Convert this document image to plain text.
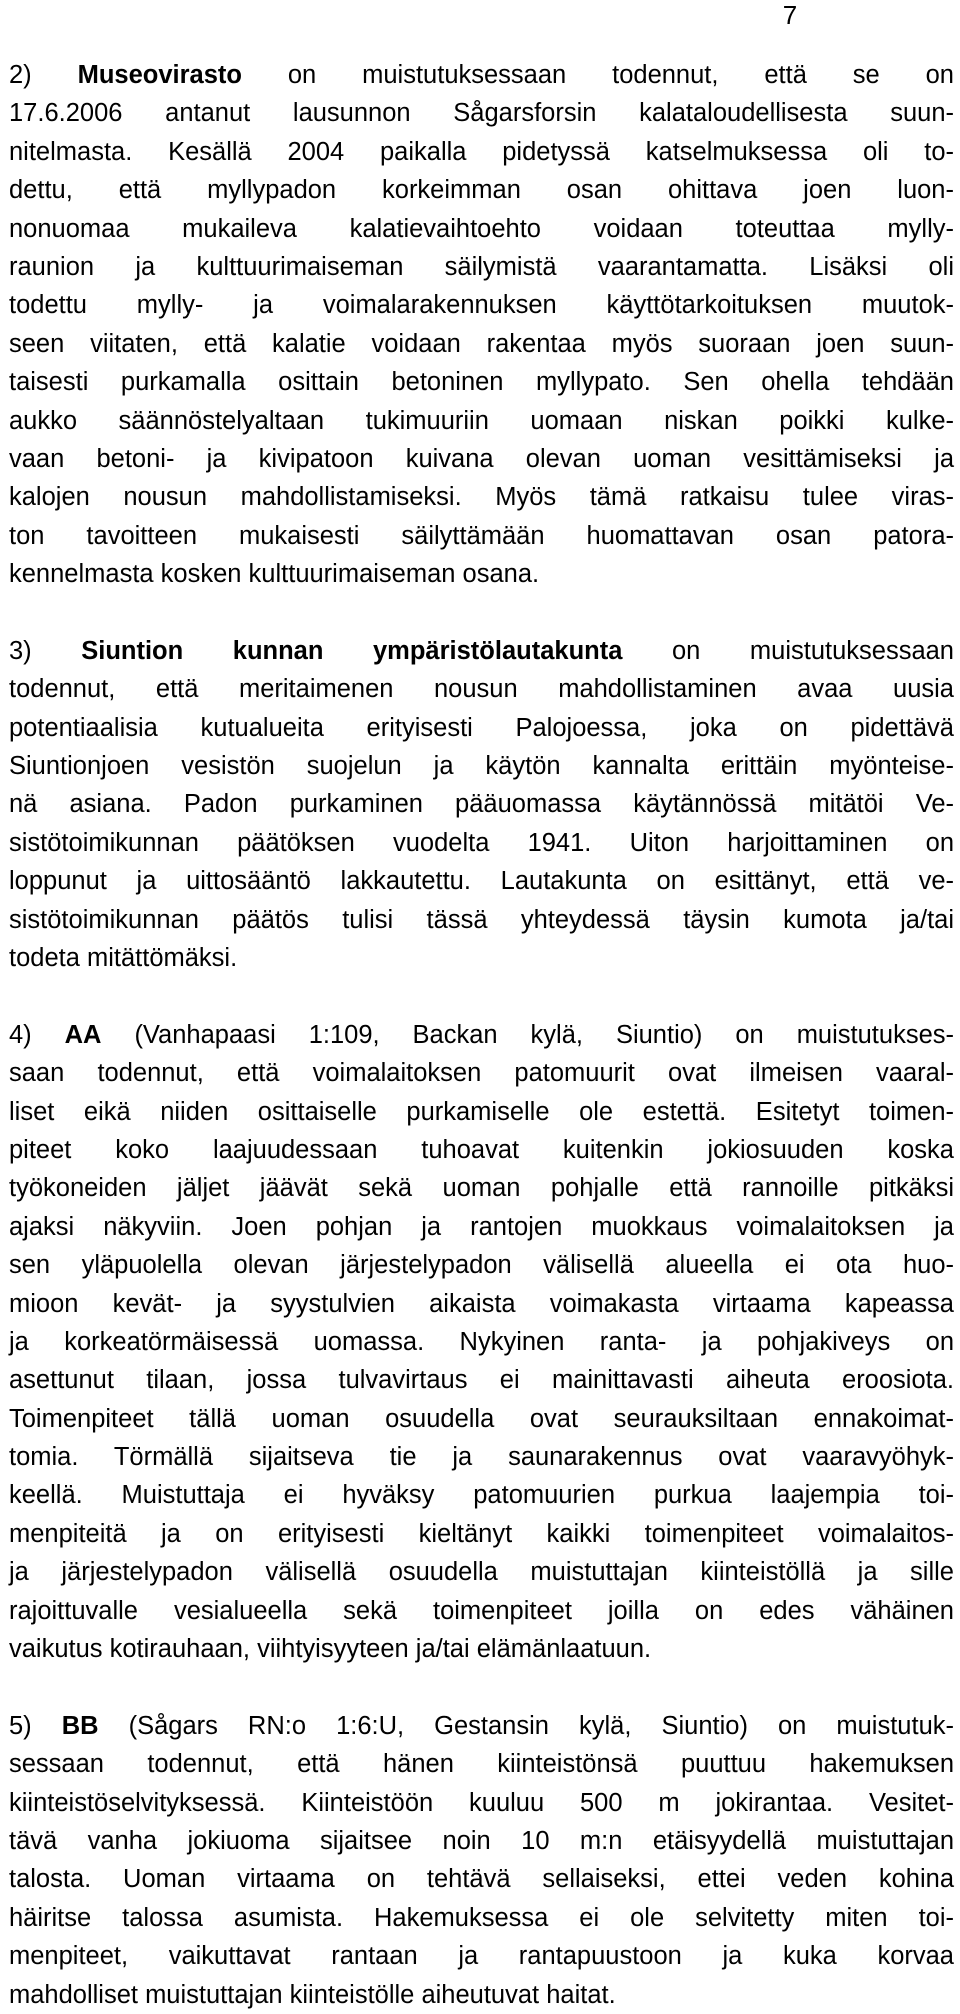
7
2) Museovirasto on muistutuksessaan todennut, että se on
17.6.2006 antanut lausunnon Sågarsforsin kalataloudellisesta suun-
nitelmasta. Kesällä 2004 paikalla pidetyssä katselmuksessa oli to-
dettu, että myllypadon korkeimman osan ohittava joen luon-
nonuomaa mukaileva kalatievaihtoehto voidaan toteuttaa mylly-
raunion ja kulttuurimaiseman säilymistä vaarantamatta. Lisäksi oli
todettu mylly- ja voimalarakennuksen käyttötarkoituksen muutok-
seen viitaten, että kalatie voidaan rakentaa myös suoraan joen suun-
taisesti purkamalla osittain betoninen myllypato. Sen ohella tehdään
aukko säännöstelyaltaan tukimuuriin uomaan niskan poikki kulke-
vaan betoni- ja kivipatoon kuivana olevan uoman vesittämiseksi ja
kalojen nousun mahdollistamiseksi. Myös tämä ratkaisu tulee viras-
ton tavoitteen mukaisesti säilyttämään huomattavan osan patora-
kennelmasta kosken kulttuurimaiseman osana.
3) Siuntion kunnan ympäristölautakunta on muistutuksessaan
todennut, että meritaimenen nousun mahdollistaminen avaa uusia
potentiaalisia kutualueita erityisesti Palojoessa, joka on pidettävä
Siuntionjoen vesistön suojelun ja käytön kannalta erittäin myönteise-
nä asiana. Padon purkaminen pääuomassa käytännössä mitätöi Ve-
sistötoimikunnan päätöksen vuodelta 1941. Uiton harjoittaminen on
loppunut ja uittosääntö lakkautettu. Lautakunta on esittänyt, että ve-
sistötoimikunnan päätös tulisi tässä yhteydessä täysin kumota ja/tai
todeta mitättömäksi.
4) AA (Vanhapaasi 1:109, Backan kylä, Siuntio) on muistutukses-
saan todennut, että voimalaitoksen patomuurit ovat ilmeisen vaaral-
liset eikä niiden osittaiselle purkamiselle ole estettä. Esitetyt toimen-
piteet koko laajuudessaan tuhoavat kuitenkin jokiosuuden koska
työkoneiden jäljet jäävät sekä uoman pohjalle että rannoille pitkäksi
ajaksi näkyviin. Joen pohjan ja rantojen muokkaus voimalaitoksen ja
sen yläpuolella olevan järjestelypadon välisellä alueella ei ota huo-
mioon kevät- ja syystulvien aikaista voimakasta virtaama kapeassa
ja korkeatörmäisessä uomassa. Nykyinen ranta- ja pohjakiveys on
asettunut tilaan, jossa tulvavirtaus ei mainittavasti aiheuta eroosiota.
Toimenpiteet tällä uoman osuudella ovat seurauksiltaan ennakoimat-
tomia. Törmällä sijaitseva tie ja saunarakennus ovat vaaravyöhyk-
keellä. Muistuttaja ei hyväksy patomuurien purkua laajempia toi-
menpiteitä ja on erityisesti kieltänyt kaikki toimenpiteet voimalaitos-
ja järjestelypadon välisellä osuudella muistuttajan kiinteistöllä ja sille
rajoittuvalle vesialueella sekä toimenpiteet joilla on edes vähäinen
vaikutus kotirauhaan, viihtyisyyteen ja/tai elämänlaatuun.
5) BB (Sågars RN:o 1:6:U, Gestansin kylä, Siuntio) on muistutuk-
sessaan todennut, että hänen kiinteistönsä puuttuu hakemuksen
kiinteistöselvityksessä. Kiinteistöön kuuluu 500 m jokirantaa. Vesitet-
tävä vanha jokiuoma sijaitsee noin 10 m:n etäisyydellä muistuttajan
talosta. Uoman virtaama on tehtävä sellaiseksi, ettei veden kohina
häiritse talossa asumista. Hakemuksessa ei ole selvitetty miten toi-
menpiteet, vaikuttavat rantaan ja rantapuustoon ja kuka korvaa
mahdolliset muistuttajan kiinteistölle aiheutuvat haitat.
